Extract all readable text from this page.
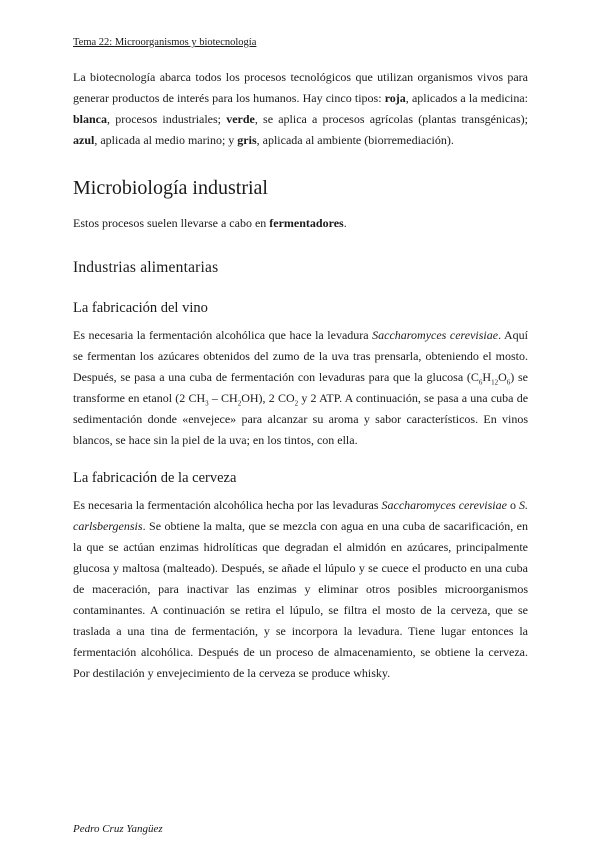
Tema 22: Microorganismos y biotecnología

La biotecnología abarca todos los procesos tecnológicos que utilizan organismos vivos para generar productos de interés para los humanos. Hay cinco tipos: roja, aplicados a la medicina: blanca, procesos industriales; verde, se aplica a procesos agrícolas (plantas transgénicas); azul, aplicada al medio marino; y gris, aplicada al ambiente (biorremediación).

Microbiología industrial

Estos procesos suelen llevarse a cabo en fermentadores.

Industrias alimentarias
La fabricación del vino

Es necesaria la fermentación alcohólica que hace la levadura Saccharomyces cerevisiae. Aquí se fermentan los azúcares obtenidos del zumo de la uva tras prensarla, obteniendo el mosto. Después, se pasa a una cuba de fermentación con levaduras para que la glucosa $(C_6H_{12}O_6)$ se transforme en etanol (2 $CH_3 - CH_2OH$), 2 $CO_2$ y 2 ATP. A continuación, se pasa a una cuba de sedimentación donde «envejece» para alcanzar su aroma y sabor característicos. En vinos blancos, se hace sin la piel de la uva; en los tintos, con ella.

La fabricación de la cerveza

Es necesaria la fermentación alcohólica hecha por las levaduras Saccharomyces cerevisiae o S. carlsbergensis. Se obtiene la malta, que se mezcla con agua en una cuba de sacarificación, en la que se actúan enzimas hidrolíticas que degradan el almidón en azúcares, principalmente glucosa y maltosa (malteado). Después, se añade el lúpulo y se cuece el producto en una cuba de maceración, para inactivar las enzimas y eliminar otros posibles microorganismos contaminantes. A continuación se retira el lúpulo, se filtra el mosto de la cerveza, que se traslada a una tina de fermentación, y se incorpora la levadura. Tiene lugar entonces la fermentación alcohólica. Después de un proceso de almacenamiento, se obtiene la cerveza. Por destilación y envejecimiento de la cerveza se produce whisky.

Pedro Cruz Yangüez
